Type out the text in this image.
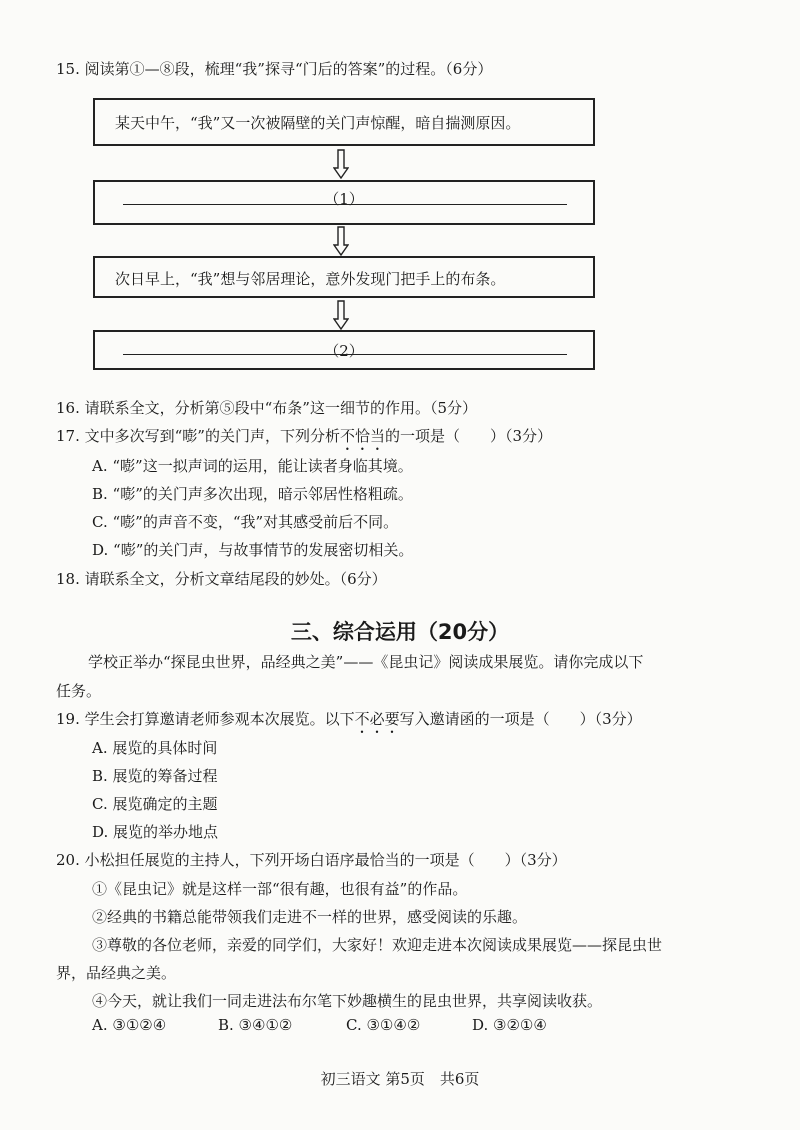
15. 阅读第①—⑧段，梳理“我”探寻“门后的答案”的过程。（6分）
某天中午，“我”又一次被隔壁的关门声惊醒，暗自揣测原因。
（1）
次日早上，“我”想与邻居理论，意外发现门把手上的布条。
（2）
16. 请联系全文，分析第⑤段中“布条”这一细节的作用。（5分）
17. 文中多次写到“嘭”的关门声，下列分析不恰当的一项是（　　）（3分）
A. “嘭”这一拟声词的运用，能让读者身临其境。
B. “嘭”的关门声多次出现，暗示邻居性格粗疏。
C. “嘭”的声音不变，“我”对其感受前后不同。
D. “嘭”的关门声，与故事情节的发展密切相关。
18. 请联系全文，分析文章结尾段的妙处。（6分）
三、综合运用（20分）
学校正举办“探昆虫世界，品经典之美”——《昆虫记》阅读成果展览。请你完成以下
任务。
19. 学生会打算邀请老师参观本次展览。以下不必要写入邀请函的一项是（　　）（3分）
A. 展览的具体时间
B. 展览的筹备过程
C. 展览确定的主题
D. 展览的举办地点
20. 小松担任展览的主持人，下列开场白语序最恰当的一项是（　　）（3分）
①《昆虫记》就是这样一部“很有趣，也很有益”的作品。
②经典的书籍总能带领我们走进不一样的世界，感受阅读的乐趣。
③尊敬的各位老师，亲爱的同学们，大家好！欢迎走进本次阅读成果展览——探昆虫世
界，品经典之美。
④今天，就让我们一同走进法布尔笔下妙趣横生的昆虫世界，共享阅读收获。
A. ③①②④	B. ③④①②	C. ③①④②	D. ③②①④
初三语文 第5页　共6页
